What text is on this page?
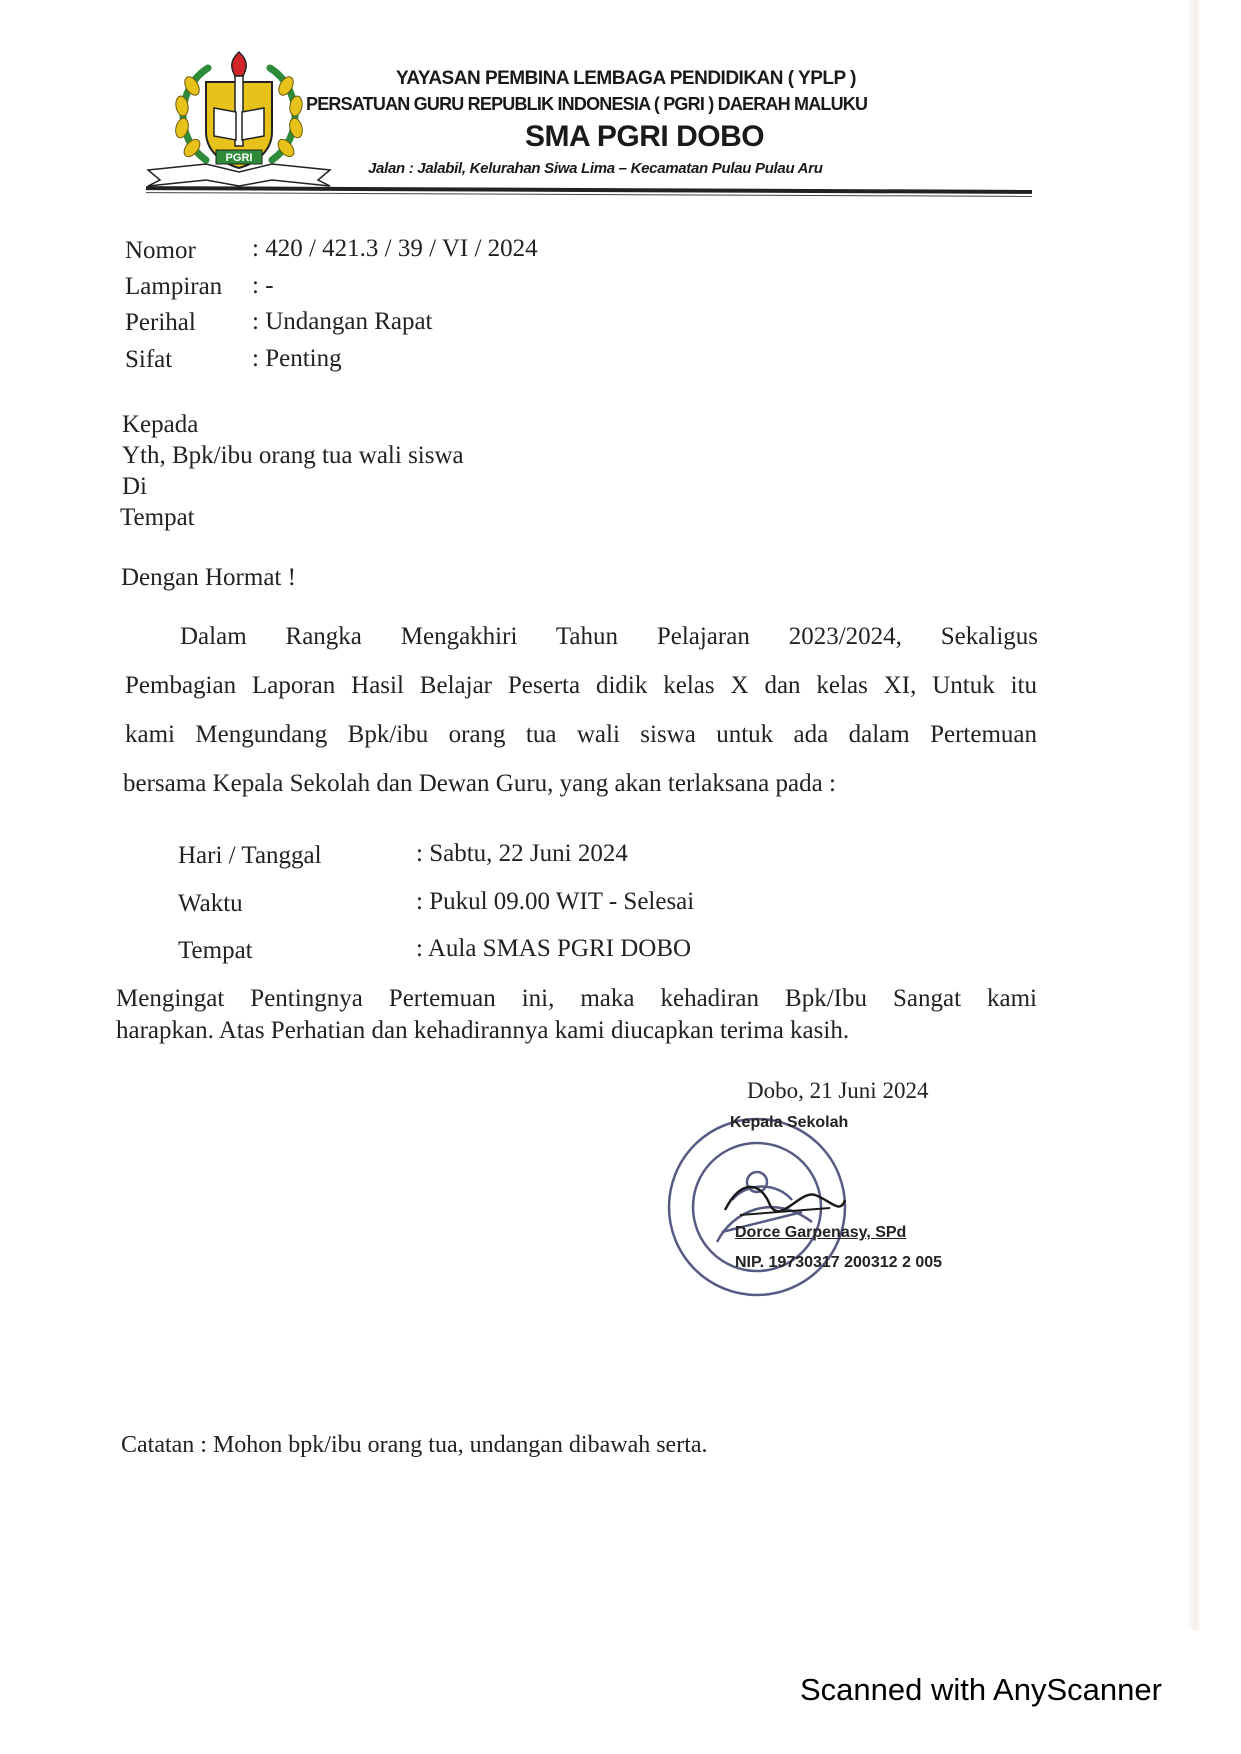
PGRI
YAYASAN PEMBINA LEMBAGA PENDIDIKAN ( YPLP )
PERSATUAN GURU REPUBLIK INDONESIA ( PGRI ) DAERAH MALUKU
SMA PGRI DOBO
Jalan : Jalabil, Kelurahan Siwa Lima – Kecamatan Pulau Pulau Aru
Nomor : 420 / 421.3 / 39 / VI / 2024
Lampiran : -
Perihal : Undangan Rapat
Sifat	: Penting
Kepada
Yth, Bpk/ibu orang tua wali siswa
Di
Tempat
Dengan Hormat !
Dalam Rangka Mengakhiri Tahun Pelajaran 2023/2024, Sekaligus
Pembagian Laporan Hasil Belajar Peserta didik kelas X dan kelas XI, Untuk itu
kami Mengundang Bpk/ibu orang tua wali siswa untuk ada dalam Pertemuan
bersama Kepala Sekolah dan Dewan Guru, yang akan terlaksana pada :
Hari / Tanggal	: Sabtu, 22 Juni 2024
Waktu	: Pukul 09.00 WIT - Selesai
Tempat	: Aula SMAS PGRI DOBO
Mengingat Pentingnya Pertemuan ini, maka kehadiran Bpk/Ibu Sangat kami
harapkan. Atas Perhatian dan kehadirannya kami diucapkan terima kasih.
Dobo, 21 Juni 2024
Kepala Sekolah
Dorce Garpenasy, SPd
NIP. 19730317 200312 2 005
Catatan : Mohon bpk/ibu orang tua, undangan dibawah serta.
Scanned with AnyScanner
